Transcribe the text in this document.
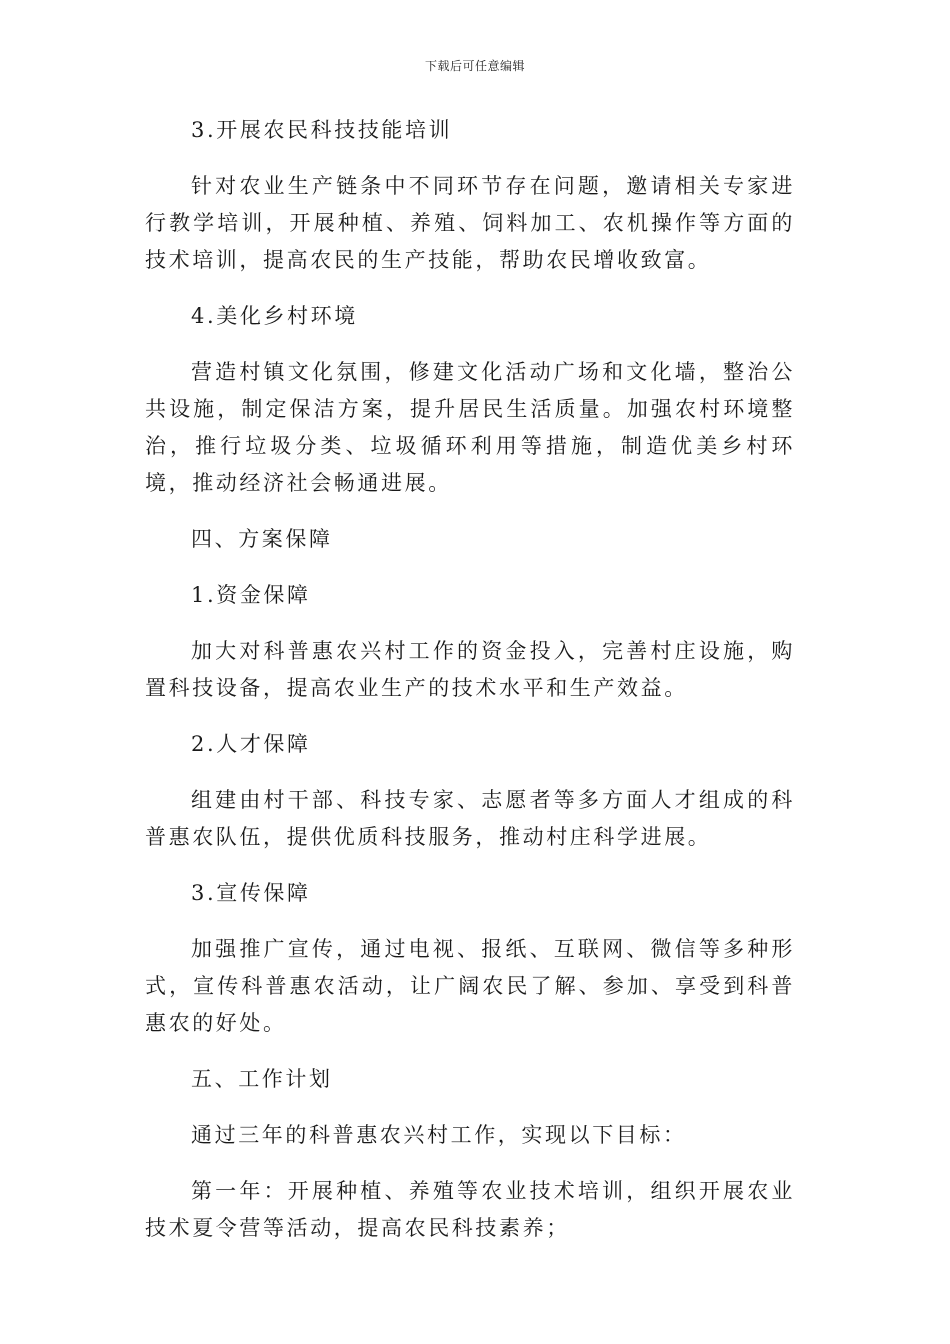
下载后可任意编辑

3.开展农民科技技能培训

针对农业生产链条中不同环节存在问题，邀请相关专家进行教学培训，开展种植、养殖、饲料加工、农机操作等方面的技术培训，提高农民的生产技能，帮助农民增收致富。

4.美化乡村环境

营造村镇文化氛围，修建文化活动广场和文化墙，整治公共设施，制定保洁方案，提升居民生活质量。加强农村环境整治，推行垃圾分类、垃圾循环利用等措施，制造优美乡村环境，推动经济社会畅通进展。

四、方案保障

1.资金保障

加大对科普惠农兴村工作的资金投入，完善村庄设施，购置科技设备，提高农业生产的技术水平和生产效益。

2.人才保障

组建由村干部、科技专家、志愿者等多方面人才组成的科普惠农队伍，提供优质科技服务，推动村庄科学进展。

3.宣传保障

加强推广宣传，通过电视、报纸、互联网、微信等多种形式，宣传科普惠农活动，让广阔农民了解、参加、享受到科普惠农的好处。

五、工作计划

通过三年的科普惠农兴村工作，实现以下目标：

第一年：开展种植、养殖等农业技术培训，组织开展农业技术夏令营等活动，提高农民科技素养；
